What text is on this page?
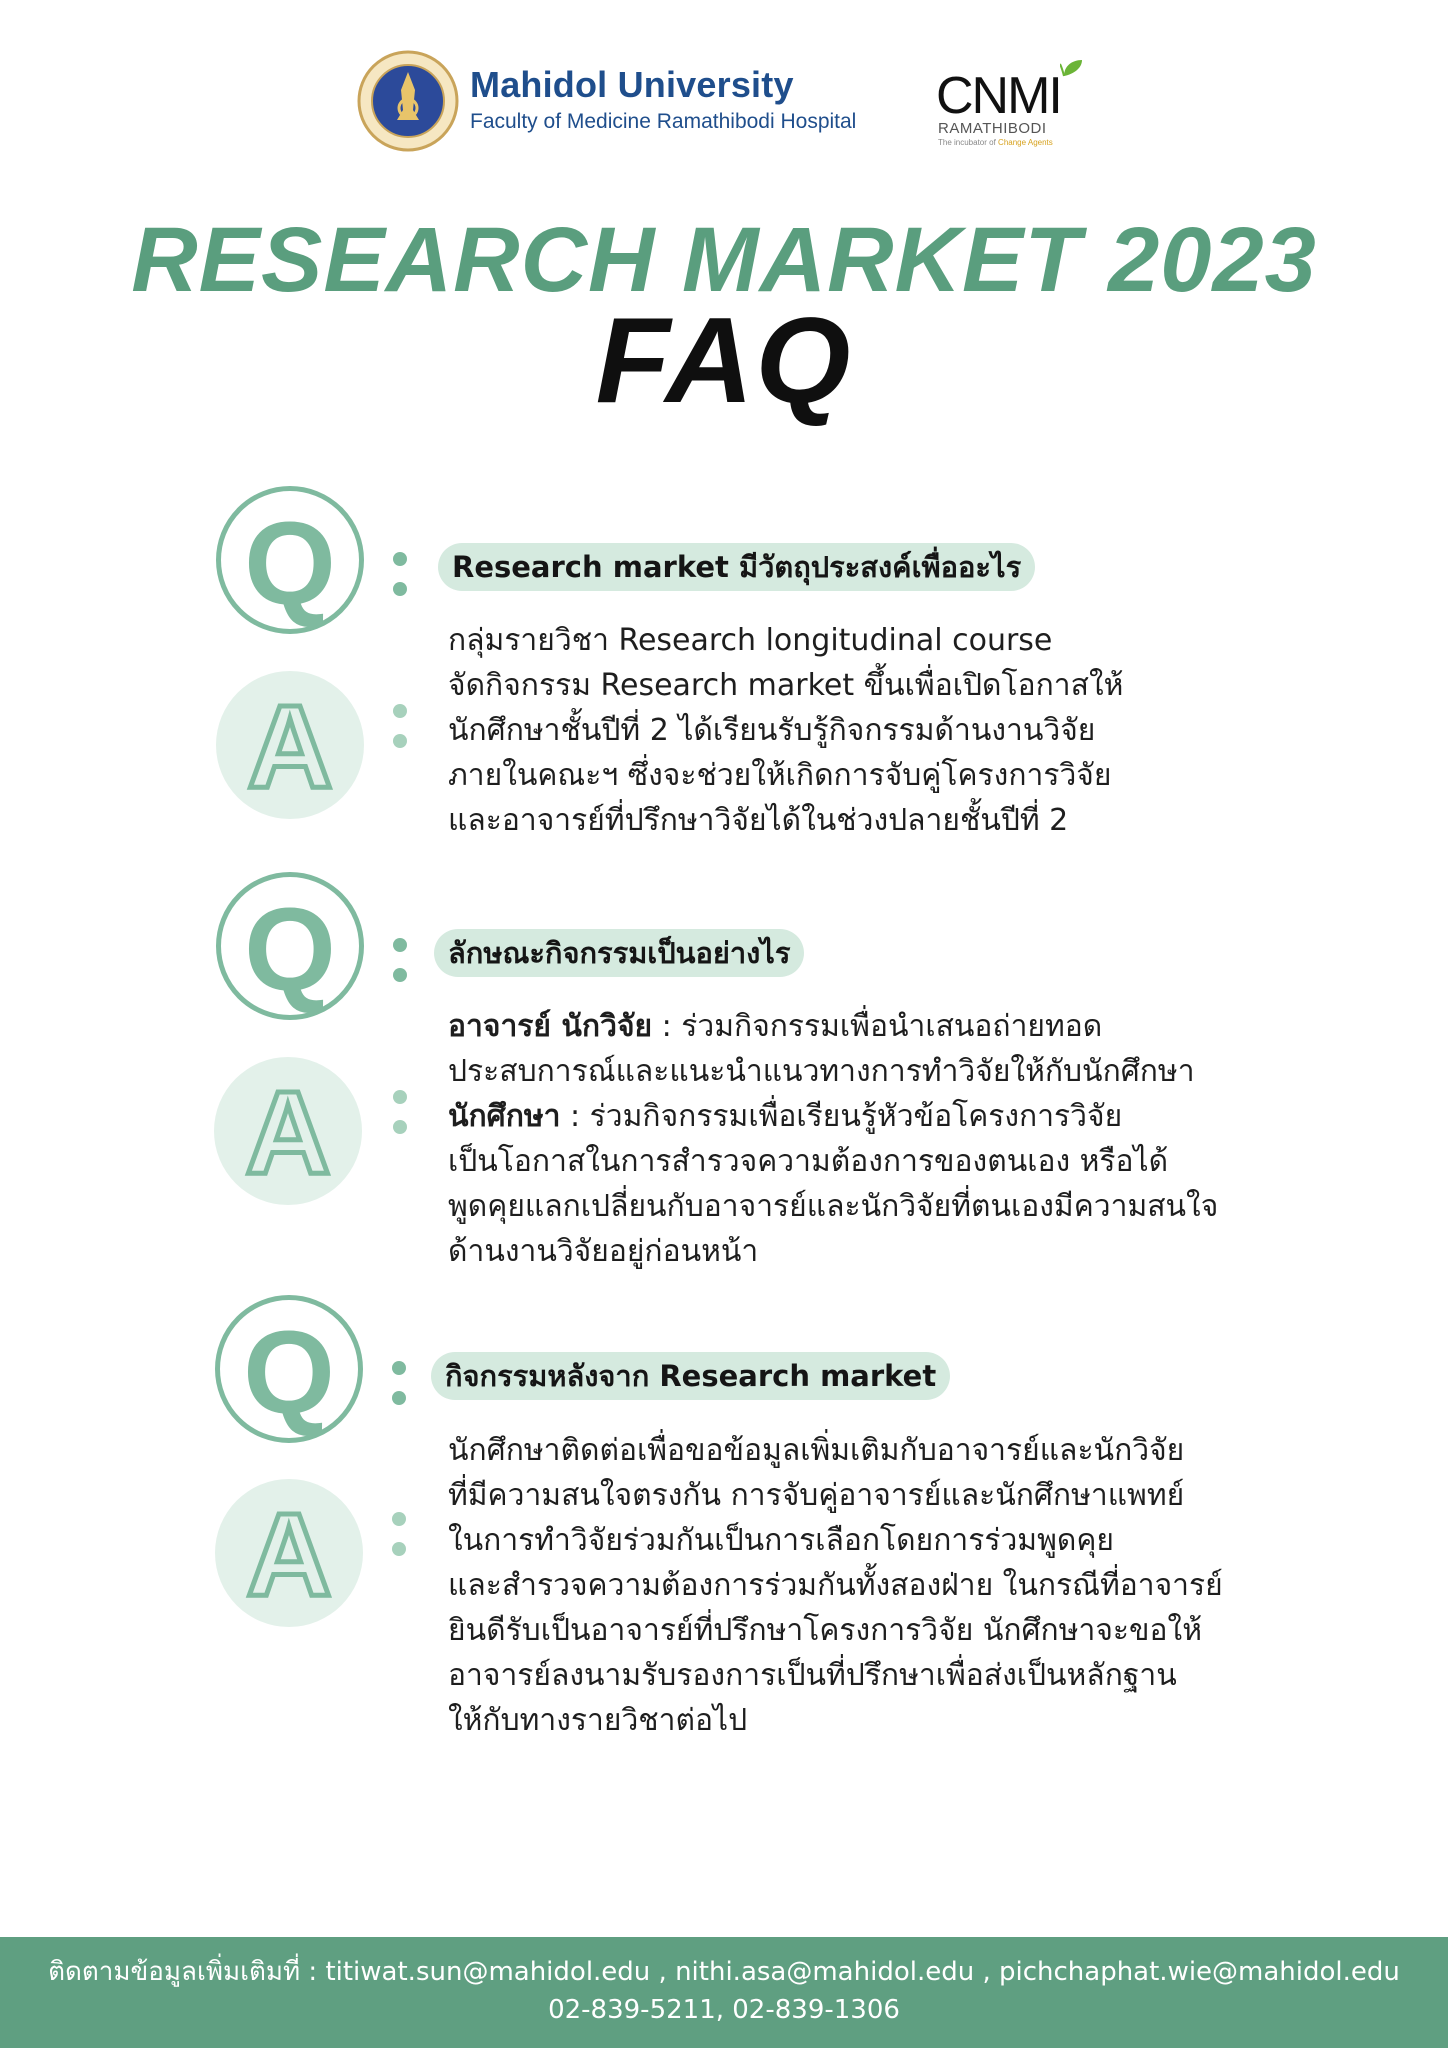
Mahidol University
Faculty of Medicine Ramathibodi Hospital CNMI
RAMATHIBODI
The incubator of Change Agents
RESEARCH MARKET 2023
FAQ
Q	Research market มีวัตถุประสงค์เพื่ออะไร
A

กลุ่มรายวิชา Research longitudinal course

จัดกิจกรรม Research market ขึ้นเพื่อเปิดโอกาสให้

นักศึกษาชั้นปีที่ 2 ได้เรียนรับรู้กิจกรรมด้านงานวิจัย

ภายในคณะฯ ซึ่งจะช่วยให้เกิดการจับคู่โครงการวิจัย

และอาจารย์ที่ปรึกษาวิจัยได้ในช่วงปลายชั้นปีที่ 2

Q	ลักษณะกิจกรรมเป็นอย่างไร
A

อาจารย์ นักวิจัย : ร่วมกิจกรรมเพื่อนำเสนอถ่ายทอด

ประสบการณ์และแนะนำแนวทางการทำวิจัยให้กับนักศึกษา

นักศึกษา : ร่วมกิจกรรมเพื่อเรียนรู้หัวข้อโครงการวิจัย

เป็นโอกาสในการสำรวจความต้องการของตนเอง หรือได้

พูดคุยแลกเปลี่ยนกับอาจารย์และนักวิจัยที่ตนเองมีความสนใจ

ด้านงานวิจัยอยู่ก่อนหน้า

Q	กิจกรรมหลังจาก Research market
A

นักศึกษาติดต่อเพื่อขอข้อมูลเพิ่มเติมกับอาจารย์และนักวิจัย

ที่มีความสนใจตรงกัน การจับคู่อาจารย์และนักศึกษาแพทย์

ในการทำวิจัยร่วมกันเป็นการเลือกโดยการร่วมพูดคุย

และสำรวจความต้องการร่วมกันทั้งสองฝ่าย ในกรณีที่อาจารย์

ยินดีรับเป็นอาจารย์ที่ปรึกษาโครงการวิจัย นักศึกษาจะขอให้

อาจารย์ลงนามรับรองการเป็นที่ปรึกษาเพื่อส่งเป็นหลักฐาน

ให้กับทางรายวิชาต่อไป

ติดตามข้อมูลเพิ่มเติมที่ : titiwat.sun@mahidol.edu , nithi.asa@mahidol.edu , pichchaphat.wie@mahidol.edu
02-839-5211, 02-839-1306
